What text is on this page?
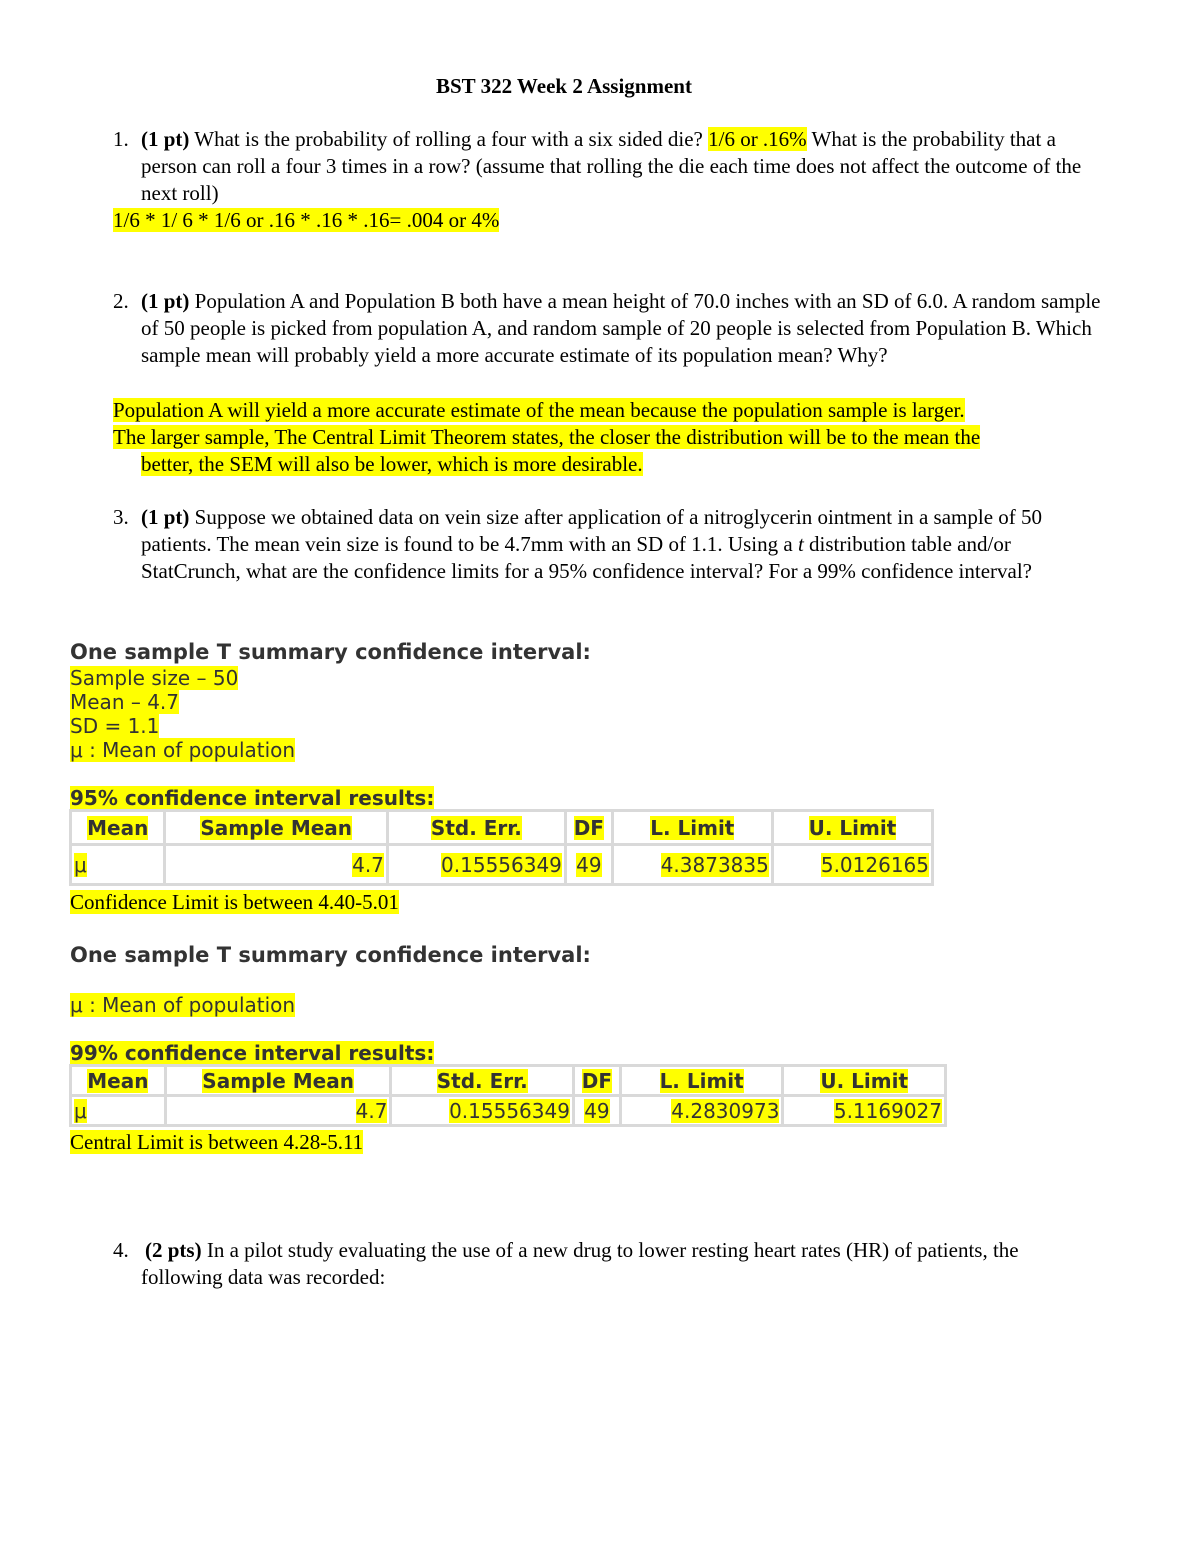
BST 322 Week 2 Assignment
1. (1 pt) What is the probability of rolling a four with a six sided die? 1/6 or .16% What is the probability that a person can roll a four 3 times in a row? (assume that rolling the die each time does not affect the outcome of the next roll)
1/6 * 1/ 6 * 1/6 or .16 * .16 * .16= .004 or 4%
2. (1 pt) Population A and Population B both have a mean height of 70.0 inches with an SD of 6.0. A random sample of 50 people is picked from population A, and random sample of 20 people is selected from Population B. Which sample mean will probably yield a more accurate estimate of its population mean? Why?
Population A will yield a more accurate estimate of the mean because the population sample is larger.
The larger sample, The Central Limit Theorem states, the closer the distribution will be to the mean the
better, the SEM will also be lower, which is more desirable.
3. (1 pt) Suppose we obtained data on vein size after application of a nitroglycerin ointment in a sample of 50 patients. The mean vein size is found to be 4.7mm with an SD of 1.1. Using a t distribution table and/or StatCrunch, what are the confidence limits for a 95% confidence interval? For a 99% confidence interval?
One sample T summary confidence interval:
Sample size – 50
Mean – 4.7
SD = 1.1
μ : Mean of population
95% confidence interval results:
Mean	Sample Mean	Std. Err.	DF	L. Limit	U. Limit
μ	4.7	0.15556349	49	4.3873835	5.0126165
Confidence Limit is between 4.40-5.01
One sample T summary confidence interval:
μ : Mean of population
99% confidence interval results:
Mean	Sample Mean	Std. Err.	DF	L. Limit	U. Limit
μ	4.7	0.15556349	49	4.2830973	5.1169027
Central Limit is between 4.28-5.11
4. (2 pts) In a pilot study evaluating the use of a new drug to lower resting heart rates (HR) of patients, the following data was recorded:
